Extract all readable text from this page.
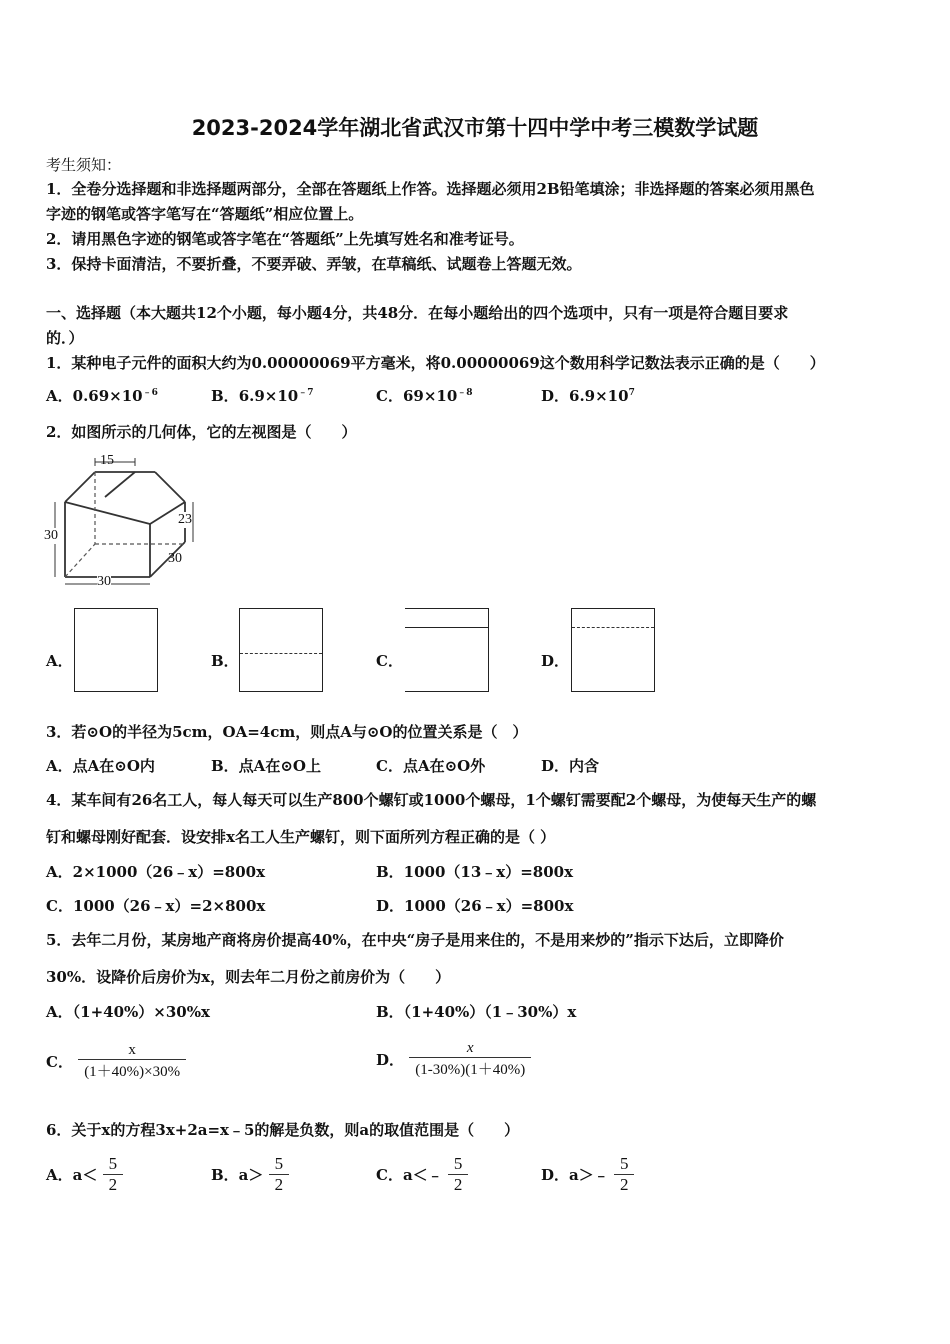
2023-2024学年湖北省武汉市第十四中学中考三模数学试题
考生须知：
1．全卷分选择题和非选择题两部分，全部在答题纸上作答。选择题必须用2B铅笔填涂；非选择题的答案必须用黑色
字迹的钢笔或答字笔写在“答题纸”相应位置上。
2．请用黑色字迹的钢笔或答字笔在“答题纸”上先填写姓名和准考证号。
3．保持卡面清洁，不要折叠，不要弄破、弄皱，在草稿纸、试题卷上答题无效。
一、选择题（本大题共12个小题，每小题4分，共48分．在每小题给出的四个选项中，只有一项是符合题目要求
的．）
1．某种电子元件的面积大约为0.00000069平方毫米，将0.00000069这个数用科学记数法表示正确的是（　　）
A．$0.69\times 10^{﹣6}$	B．$6.9\times 10^{﹣7}$	C．$69\times 10^{﹣8}$	D．$6.9\times 10^7$
2．如图所示的几何体，它的左视图是（　　）
15
30
23
30
30
A．	B．	C．	D．
3．若⊙O的半径为5cm，OA=4cm，则点A与⊙O的位置关系是（　）
A．点A在⊙O内	B．点A在⊙O上	C．点A在⊙O外	D．内含
4．某车间有26名工人，每人每天可以生产800个螺钉或1000个螺母，1个螺钉需要配2个螺母，为使每天生产的螺
钉和螺母刚好配套．设安排x名工人生产螺钉，则下面所列方程正确的是（ ）
A．2×1000（26﹣x）=800x	B．1000（13﹣x）=800x
C．1000（26﹣x）=2×800x	D．1000（26﹣x）=800x
5．去年二月份，某房地产商将房价提高40%，在中央“房子是用来住的，不是用来炒的”指示下达后，立即降价
30%．设降价后房价为x，则去年二月份之前房价为（　　）
A．（1+40%）×30%x	B．（1+40%）（1﹣30%）x
C． $\frac{x}{(1+40\%)\times 30\%}$	D． $\frac{x}{(1-30\%)(1+40\%)}$
6．关于x的方程3x+2a=x﹣5的解是负数，则a的取值范围是（　　）
A．$a< \frac{5}{2}$	B．$a> \frac{5}{2}$	C．a＜﹣ $\frac{5}{2}$	D．a＞﹣ $\frac{5}{2}$
